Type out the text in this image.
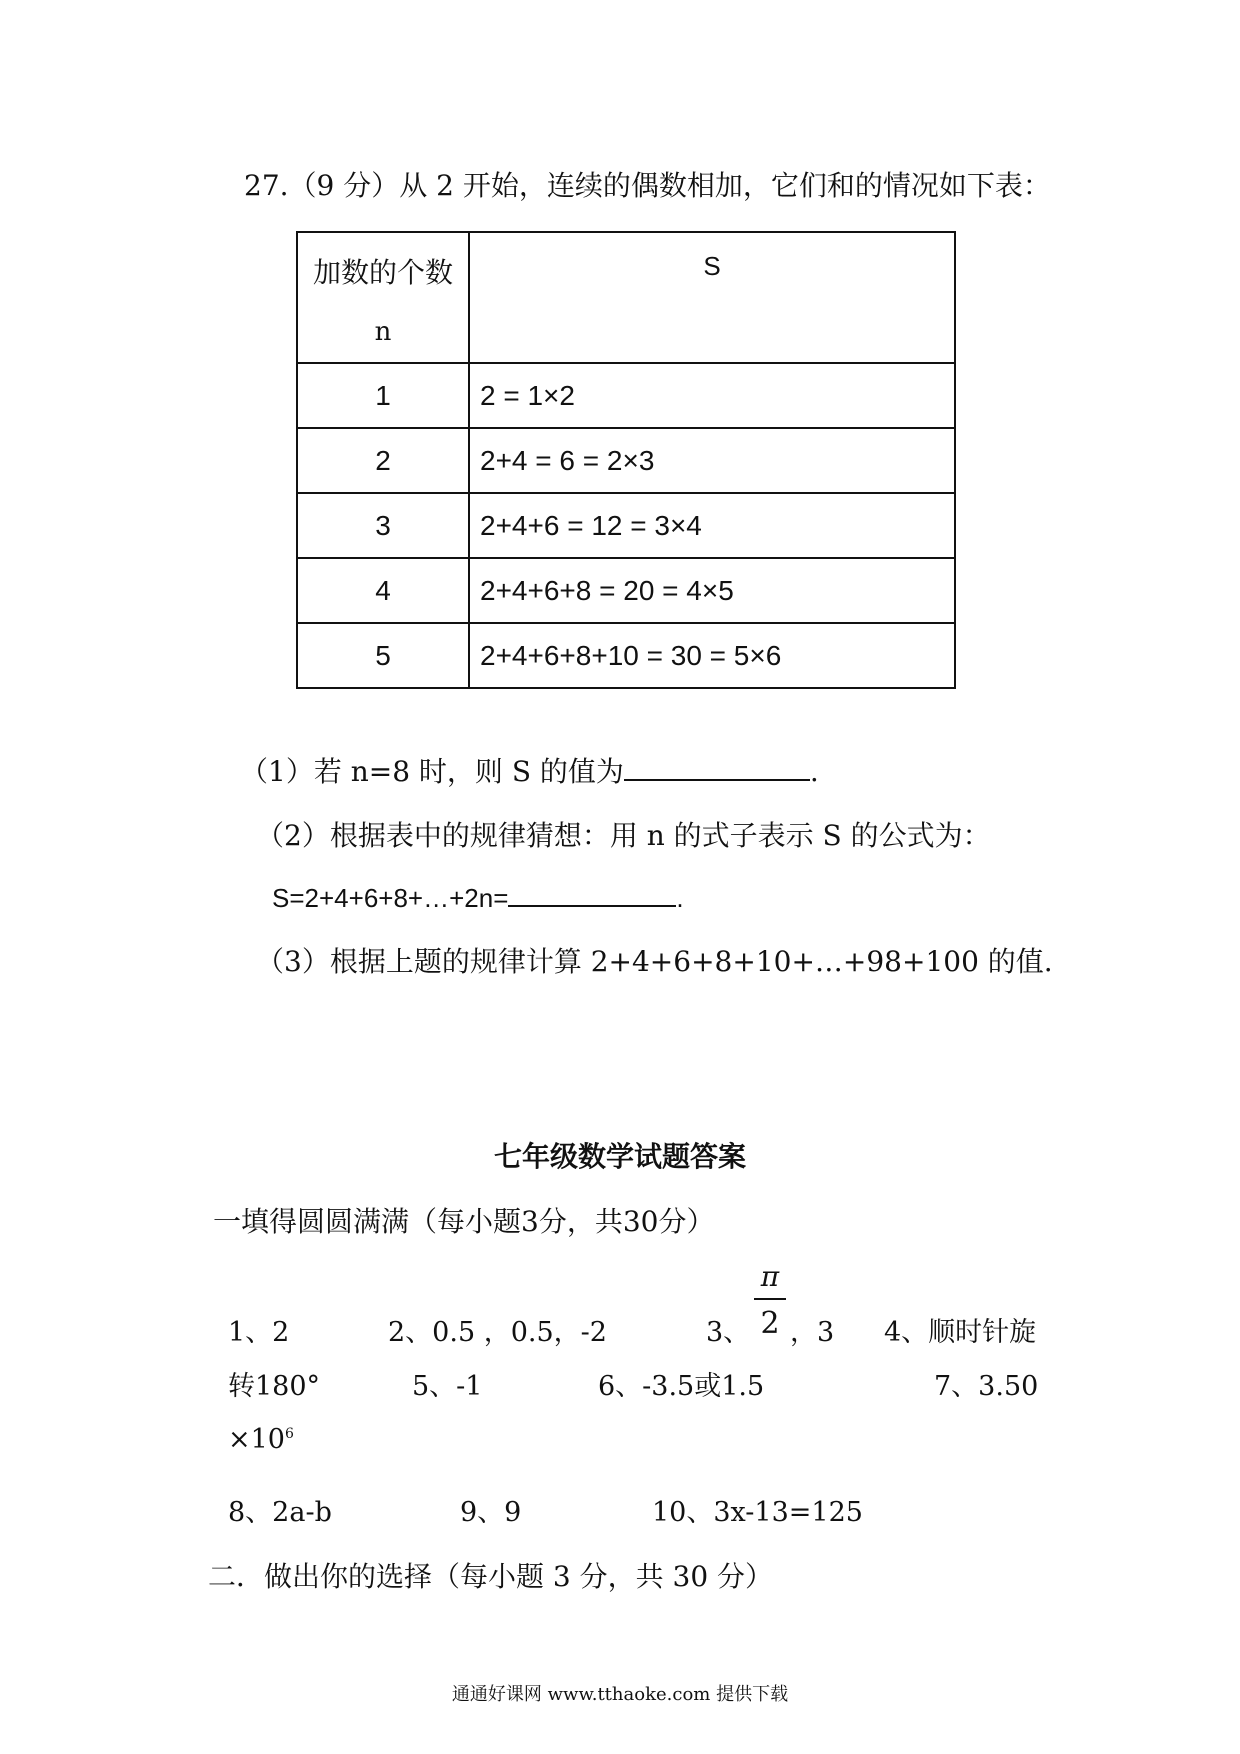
27.（9 分）从 2 开始，连续的偶数相加，它们和的情况如下表：
加数的个数
n	S

1	2 = 1×2
2	2+4 = 6 = 2×3
3	2+4+6 = 12 = 3×4
4	2+4+6+8 = 20 = 4×5
5	2+4+6+8+10 = 30 = 5×6
（1）若 n=8 时，则 S 的值为	.
（2）根据表中的规律猜想：用 n 的式子表示 S 的公式为：
S=2+4+6+8+…+2n=	.
（3）根据上题的规律计算 2+4+6+8+10+…+98+100 的值.
七年级数学试题答案
一填得圆圆满满（每小题3分，共30分）
1、2	2、0.5 ，0.5，-2	3、
π
2 ，3 4、顺时针旋
转180°	5、-1	6、-3.5或1.5	7、3.50
$\times 10^6$
8、2a-b	9、9	10、3x-13=125
二．做出你的选择（每小题 3 分，共 30 分）
通通好课网 www.tthaoke.com 提供下载
